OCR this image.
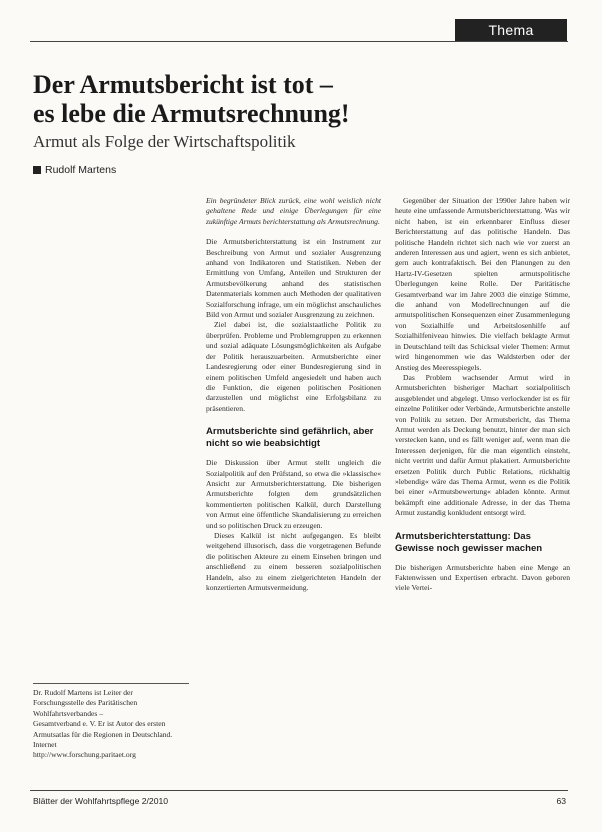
Thema
Der Armutsbericht ist tot –
es lebe die Armutsrechnung!
Armut als Folge der Wirtschaftspolitik
Rudolf Martens

Ein begründeter Blick zurück, eine wohl weislich nicht gehaltene Rede und einige Überlegungen für eine zukünftige Armuts berichterstattung als Armutsrechnung.

Die Armutsberichterstattung ist ein Instrument zur Beschreibung von Armut und sozialer Ausgrenzung anhand von Indikatoren und Statistiken. Neben der Ermittlung von Umfang, Anteilen und Strukturen der Armutsbevölkerung anhand des statistischen Datenmaterials kommen auch Methoden der qualitativen Sozialforschung infrage, um ein möglichst anschauliches Bild von Armut und sozialer Ausgrenzung zu zeichnen.

Ziel dabei ist, die sozialstaatliche Politik zu überprüfen. Probleme und Problemgruppen zu erkennen und sozial adäquate Lösungsmöglichkeiten als Aufgabe der Politik herauszuarbeiten. Armutsberichte einer Landesregierung oder einer Bundesregierung sind in einem politischen Umfeld angesiedelt und haben auch die Funktion, die eigenen politischen Positionen darzustellen und möglichst eine Erfolgsbilanz zu präsentieren.

Armutsberichte sind gefährlich, aber nicht so wie beabsichtigt

Die Diskussion über Armut stellt ungleich die Sozialpolitik auf den Prüfstand, so etwa die »klassische« Ansicht zur Armutsberichterstattung. Die bisherigen Armutsberichte folgten dem grundsätzlichen kommentierten politischen Kalkül, durch Darstellung von Armut eine öffentliche Skandalisierung zu erreichen und so politischen Druck zu erzeugen.

Dieses Kalkül ist nicht aufgegangen. Es bleibt weitgehend illusorisch, dass die vorgetragenen Befunde die politischen Akteure zu einem Einsehen bringen und anschließend zu einem besseren sozialpolitischen Handeln, also zu einem zielgerichteten Handeln der konzertierten Armutsvermeidung.

Gegenüber der Situation der 1990er Jahre haben wir heute eine umfassende Armutsberichterstattung. Was wir nicht haben, ist ein erkennbarer Einfluss dieser Berichterstattung auf das politische Handeln. Das politische Handeln richtet sich nach wie vor zuerst an anderen Interessen aus und agiert, wenn es sich anbietet, gern auch kontrafaktisch. Bei den Planungen zu den Hartz-IV-Gesetzen spielten armutspolitische Überlegungen keine Rolle. Der Paritätische Gesamtverband war im Jahre 2003 die einzige Stimme, die anhand von Modellrechnungen auf die armutspolitischen Konsequenzen einer Zusammenlegung von Sozialhilfe und Arbeitslosenhilfe auf Sozialhilfeniveau hinwies. Die vielfach beklagte Armut in Deutschland teilt das Schicksal vieler Themen: Armut wird hingenommen wie das Waldsterben oder der Anstieg des Meeresspiegels.

Das Problem wachsender Armut wird in Armutsberichten bisheriger Machart sozialpolitisch ausgeblendet und abgelegt. Umso verlockender ist es für einzelne Politiker oder Verbände, Armutsberichte anstelle von Politik zu setzen. Der Armutsbericht, das Thema Armut werden als Deckung benutzt, hinter der man sich verstecken kann, und es fällt weniger auf, wenn man die Interessen derjenigen, für die man eigentlich einsteht, nicht vertritt und dafür Armut plakatiert. Armutsberichte ersetzen Politik durch Public Relations, rückhaltig »lebendig« wäre das Thema Armut, wenn es die Politik bei einer »Armutsbewertung« abladen könnte. Armut bekämpft eine additionale Adresse, in der das Thema Armut zustandig konkludent entsorgt wird.

Armutsberichterstattung: Das Gewisse noch gewisser machen

Die bisherigen Armutsberichte haben eine Menge an Faktenwissen und Expertisen erbracht. Davon geboren viele Vertei-

Dr. Rudolf Martens ist Leiter der Forschungsstelle des Paritätischen Wohlfahrtsverbandes –
Gesamtverband e. V. Er ist Autor des ersten Armutsatlas für die Regionen in Deutschland.
Internet
http://www.forschung.paritaet.org
Blätter der Wohlfahrtspflege 2/2010	63
